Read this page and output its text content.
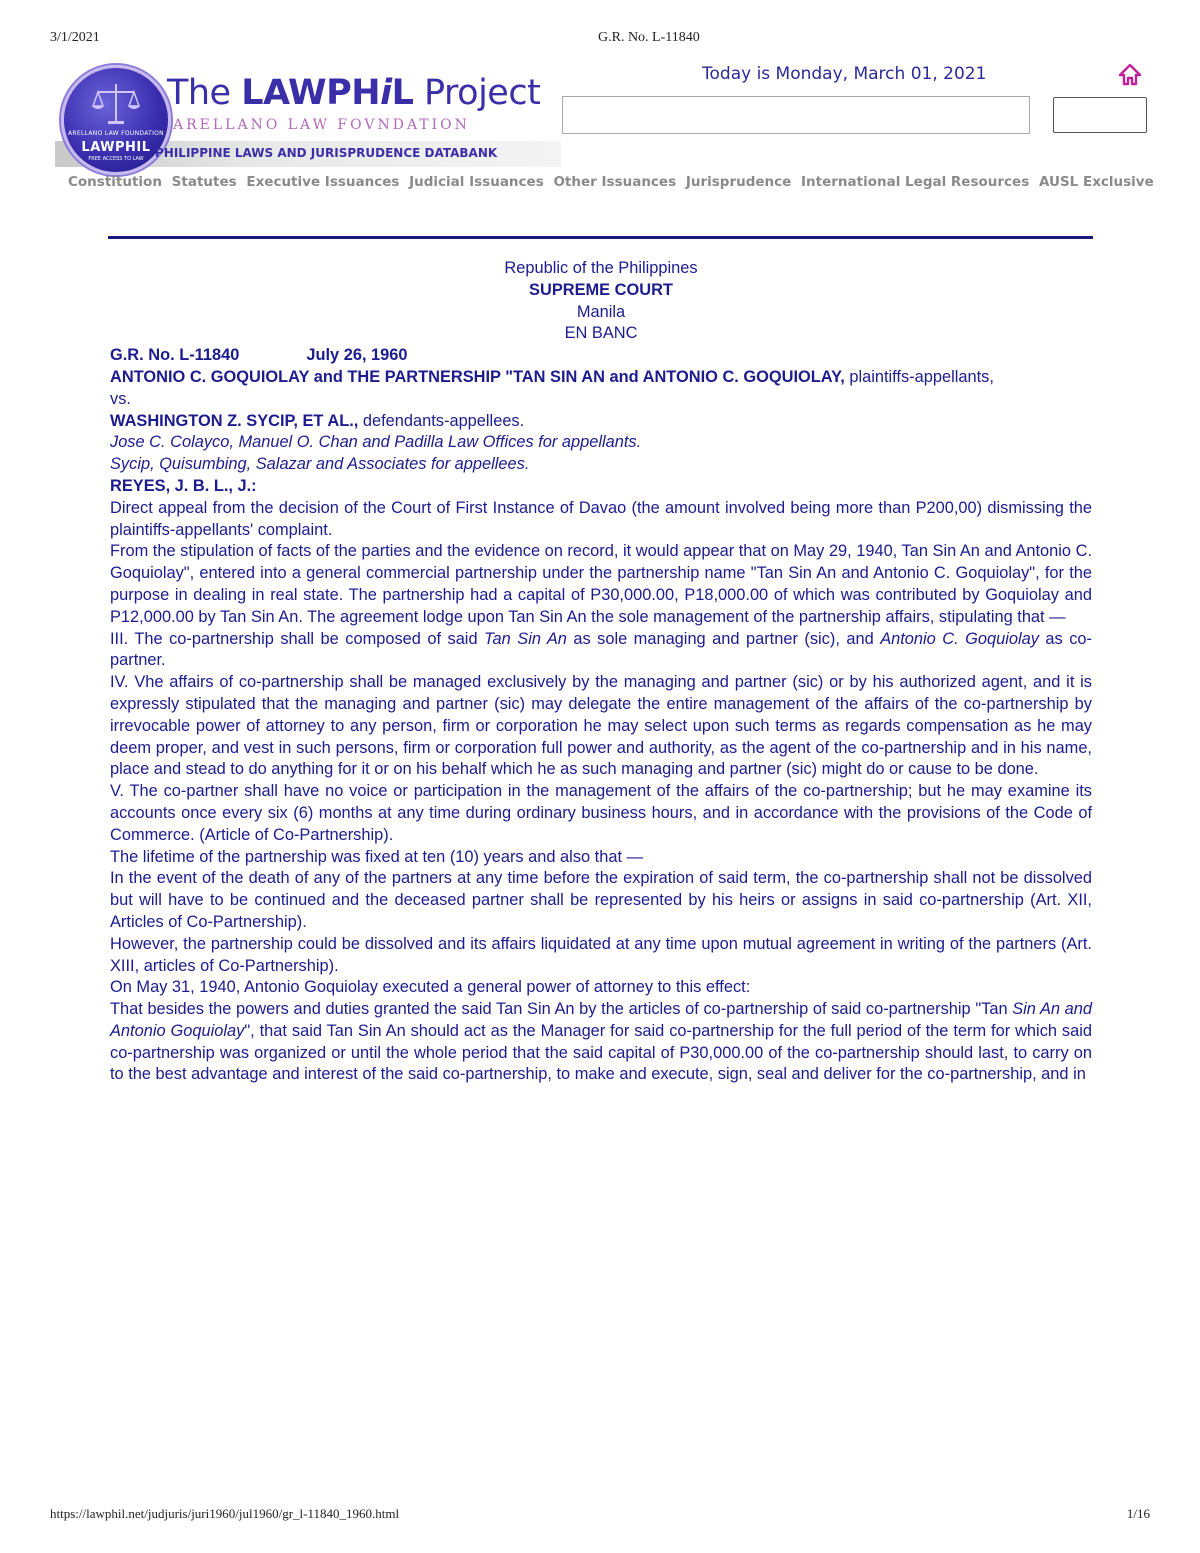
3/1/2021	G.R. No. L-11840
ARELLANO LAW FOUNDATION
LAWPHIL
FREE ACCESS TO LAW
The LAWPHiL Project
ARELLANO LAW FOVNDATION
PHILIPPINE LAWS AND JURISPRUDENCE DATABANK
Today is Monday, March 01, 2021
Constitution Statutes Executive Issuances Judicial Issuances Other Issuances Jurisprudence International Legal Resources AUSL Exclusive

Republic of the Philippines

SUPREME COURT

Manila

EN BANC

G.R. No. L-11840	July 26, 1960

ANTONIO C. GOQUIOLAY and THE PARTNERSHIP "TAN SIN AN and ANTONIO C. GOQUIOLAY, plaintiffs-appellants,

vs.

WASHINGTON Z. SYCIP, ET AL., defendants-appellees.

Jose C. Colayco, Manuel O. Chan and Padilla Law Offices for appellants.

Sycip, Quisumbing, Salazar and Associates for appellees.

REYES, J. B. L., J.:

Direct appeal from the decision of the Court of First Instance of Davao (the amount involved being more than P200,00) dismissing the plaintiffs-appellants' complaint.

From the stipulation of facts of the parties and the evidence on record, it would appear that on May 29, 1940, Tan Sin An and Antonio C. Goquiolay", entered into a general commercial partnership under the partnership name "Tan Sin An and Antonio C. Goquiolay", for the purpose in dealing in real state. The partnership had a capital of P30,000.00, P18,000.00 of which was contributed by Goquiolay and P12,000.00 by Tan Sin An. The agreement lodge upon Tan Sin An the sole management of the partnership affairs, stipulating that —

III. The co-partnership shall be composed of said Tan Sin An as sole managing and partner (sic), and Antonio C. Goquiolay as co-partner.

IV. Vhe affairs of co-partnership shall be managed exclusively by the managing and partner (sic) or by his authorized agent, and it is expressly stipulated that the managing and partner (sic) may delegate the entire management of the affairs of the co-partnership by irrevocable power of attorney to any person, firm or corporation he may select upon such terms as regards compensation as he may deem proper, and vest in such persons, firm or corporation full power and authority, as the agent of the co-partnership and in his name, place and stead to do anything for it or on his behalf which he as such managing and partner (sic) might do or cause to be done.

V. The co-partner shall have no voice or participation in the management of the affairs of the co-partnership; but he may examine its accounts once every six (6) months at any time during ordinary business hours, and in accordance with the provisions of the Code of Commerce. (Article of Co-Partnership).

The lifetime of the partnership was fixed at ten (10) years and also that —

In the event of the death of any of the partners at any time before the expiration of said term, the co-partnership shall not be dissolved but will have to be continued and the deceased partner shall be represented by his heirs or assigns in said co-partnership (Art. XII, Articles of Co-Partnership).

However, the partnership could be dissolved and its affairs liquidated at any time upon mutual agreement in writing of the partners (Art. XIII, articles of Co-Partnership).

On May 31, 1940, Antonio Goquiolay executed a general power of attorney to this effect:

That besides the powers and duties granted the said Tan Sin An by the articles of co-partnership of said co-partnership "Tan Sin An and Antonio Goquiolay", that said Tan Sin An should act as the Manager for said co-partnership for the full period of the term for which said co-partnership was organized or until the whole period that the said capital of P30,000.00 of the co-partnership should last, to carry on to the best advantage and interest of the said co-partnership, to make and execute, sign, seal and deliver for the co-partnership, and in

https://lawphil.net/judjuris/juri1960/jul1960/gr_l-11840_1960.html	1/16
